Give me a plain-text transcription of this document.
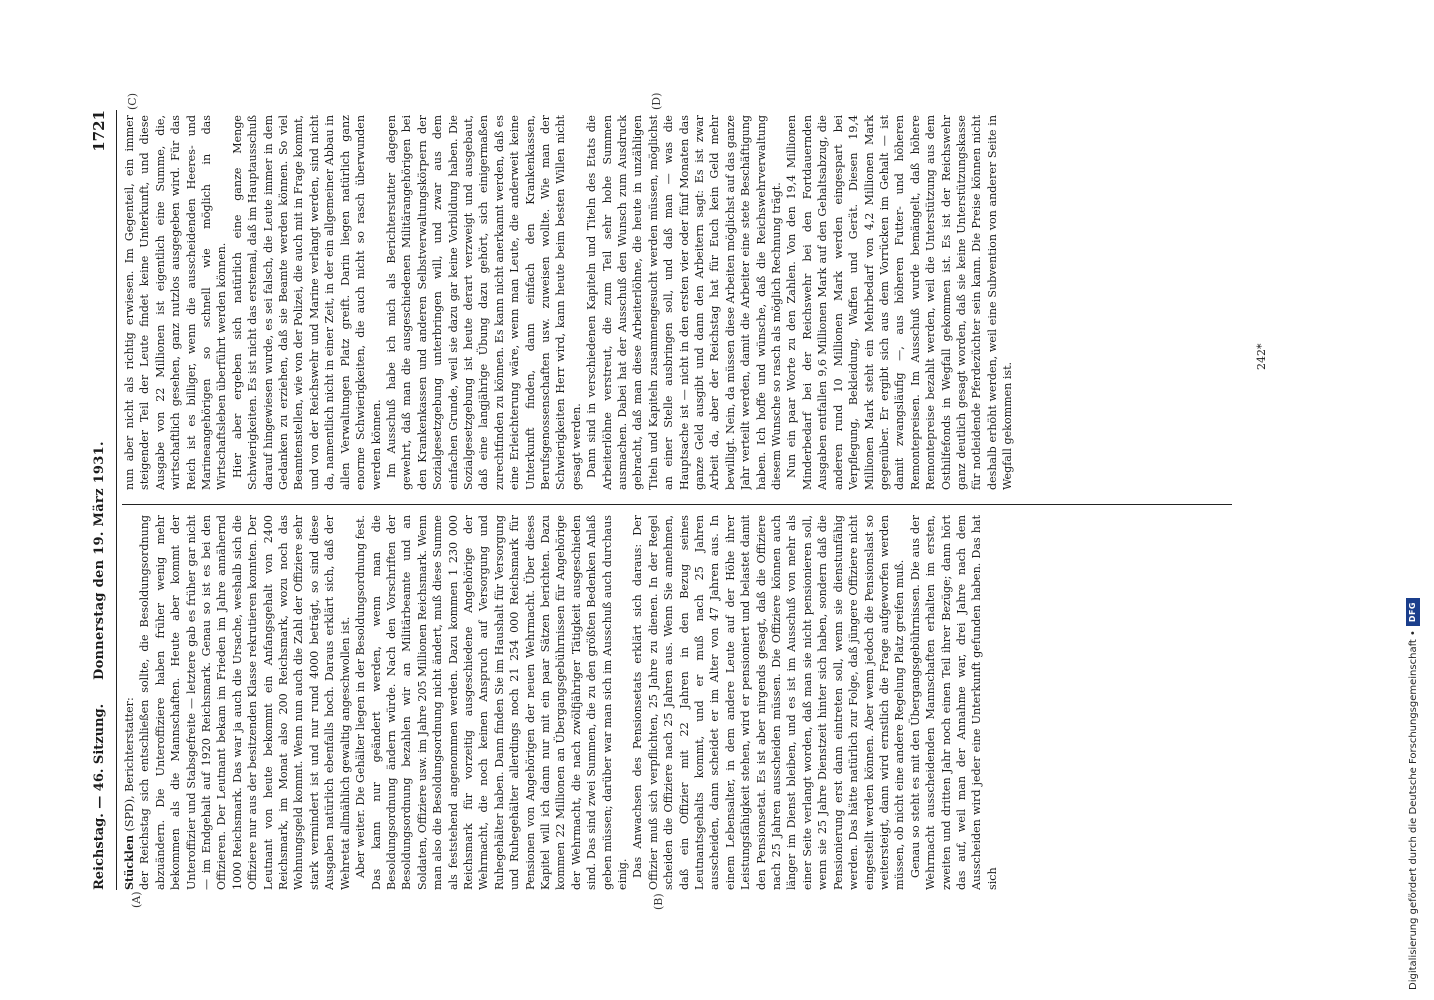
Reichstag. — 46. Sitzung.
Donnerstag den 19. März 1931.
1721
(A)	(B)
(C)	(D)

Stücklen (SPD), Berichterstatter: der Reichstag sich entschließen sollte, die Besoldungsordnung abzuändern. Die Unteroffiziere haben früher wenig mehr bekommen als die Mannschaften. Heute aber kommt der Unteroffizier und Stabsgefreite — letztere gab es früher gar nicht — im Endgehalt auf 1920 Reichsmark. Genau so ist es bei den Offizieren. Der Leutnant bekam im Frieden im Jahre annähernd 1000 Reichsmark. Das war ja auch die Ursache, weshalb sich die Offiziere nur aus der besitzenden Klasse rekrutieren konnten. Der Leutnant von heute bekommt ein Anfangsgehalt von 2400 Reichsmark, im Monat also 200 Reichsmark, wozu noch das Wohnungsgeld kommt. Wenn nun auch die Zahl der Offiziere sehr stark vermindert ist und nur rund 4000 beträgt, so sind diese Ausgaben natürlich ebenfalls hoch. Daraus erklärt sich, daß der Wehretat allmählich gewaltig angeschwollen ist. Aber weiter. Die Gehälter liegen in der Besoldungsordnung fest. Das kann nur geändert werden, wenn man die Besoldungsordnung ändern würde. Nach den Vorschriften der Besoldungsordnung bezahlen wir an Militärbeamte und an Soldaten, Offiziere usw. im Jahre 205 Millionen Reichsmark. Wenn man also die Besoldungsordnung nicht ändert, muß diese Summe als feststehend angenommen werden. Dazu kommen 1 230 000 Reichsmark für vorzeitig ausgeschiedene Angehörige der Wehrmacht, die noch keinen Anspruch auf Versorgung und Ruhegehälter haben. Dann finden Sie im Haushalt für Versorgung und Ruhegehälter allerdings noch 21 254 000 Reichsmark für Pensionen von Angehörigen der neuen Wehrmacht. Über dieses Kapitel will ich dann nur mit ein paar Sätzen berichten. Dazu kommen 22 Millionen an Übergangsgebührnissen für Angehörige der Wehrmacht, die nach zwölfjähriger Tätigkeit ausgeschieden sind. Das sind zwei Summen, die zu den größten Bedenken Anlaß geben müssen; darüber war man sich im Ausschuß auch durchaus einig. Das Anwachsen des Pensionsetats erklärt sich daraus: Der Offizier muß sich verpflichten, 25 Jahre zu dienen. In der Regel scheiden die Offiziere nach 25 Jahren aus. Wenn Sie annehmen, daß ein Offizier mit 22 Jahren in den Bezug seines Leutnantsgehalts kommt, und er muß nach 25 Jahren ausscheiden, dann scheidet er im Alter von 47 Jahren aus. In einem Lebensalter, in dem andere Leute auf der Höhe ihrer Leistungsfähigkeit stehen, wird er pensioniert und belastet damit den Pensionsetat. Es ist aber nirgends gesagt, daß die Offiziere nach 25 Jahren ausscheiden müssen. Die Offiziere können auch länger im Dienst bleiben, und es ist im Ausschuß von mehr als einer Seite verlangt worden, daß man sie nicht pensionieren soll, wenn sie 25 Jahre Dienstzeit hinter sich haben, sondern daß die Pensionierung erst dann eintreten soll, wenn sie dienstunfähig werden. Das hätte natürlich zur Folge, daß jüngere Offiziere nicht eingestellt werden können. Aber wenn jedoch die Pensionslast so weitersteigt, dann wird ernstlich die Frage aufgeworfen werden müssen, ob nicht eine andere Regelung Platz greifen muß. Genau so steht es mit den Übergangsgebührnissen. Die aus der Wehrmacht ausscheidenden Mannschaften erhalten im ersten, zweiten und dritten Jahr noch einen Teil ihrer Bezüge; dann hört das auf, weil man der Annahme war, drei Jahre nach dem Ausscheiden wird jeder eine Unterkunft gefunden haben. Das hat sich

nun aber nicht als richtig erwiesen. Im Gegenteil, ein immer steigender Teil der Leute findet keine Unterkunft, und diese Ausgabe von 22 Millionen ist eigentlich eine Summe, die, wirtschaftlich gesehen, ganz nutzlos ausgegeben wird. Für das Reich ist es billiger, wenn die ausscheidenden Heeres- und Marineangehörigen so schnell wie möglich in das Wirtschaftsleben überführt werden können. Hier aber ergeben sich natürlich eine ganze Menge Schwierigkeiten. Es ist nicht das erstemal, daß im Hauptausschuß darauf hingewiesen wurde, es sei falsch, die Leute immer in dem Gedanken zu erziehen, daß sie Beamte werden können. So viel Beamtenstellen, wie von der Polizei, die auch mit in Frage kommt, und von der Reichswehr und Marine verlangt werden, sind nicht da, namentlich nicht in einer Zeit, in der ein allgemeiner Abbau in allen Verwaltungen Platz greift. Darin liegen natürlich ganz enorme Schwierigkeiten, die auch nicht so rasch überwunden werden können. Im Ausschuß habe ich mich als Berichterstatter dagegen gewehrt, daß man die ausgeschiedenen Militärangehörigen bei den Krankenkassen und anderen Selbstverwaltungskörpern der Sozialgesetzgebung unterbringen will, und zwar aus dem einfachen Grunde, weil sie dazu gar keine Vorbildung haben. Die Sozialgesetzgebung ist heute derart verzweigt und ausgebaut, daß eine langjährige Übung dazu gehört, sich einigermaßen zurechtfinden zu können. Es kann nicht anerkannt werden, daß es eine Erleichterung wäre, wenn man Leute, die anderweit keine Unterkunft finden, dann einfach den Krankenkassen, Berufsgenossenschaften usw. zuweisen wollte. Wie man der Schwierigkeiten Herr wird, kann heute beim besten Willen nicht gesagt werden. Dann sind in verschiedenen Kapiteln und Titeln des Etats die Arbeiterlöhne verstreut, die zum Teil sehr hohe Summen ausmachen. Dabei hat der Ausschuß den Wunsch zum Ausdruck gebracht, daß man diese Arbeiterlöhne, die heute in unzähligen Titeln und Kapiteln zusammengesucht werden müssen, möglichst an einer Stelle ausbringen soll, und daß man — was die Hauptsache ist — nicht in den ersten vier oder fünf Monaten das ganze Geld ausgibt und dann den Arbeitern sagt: Es ist zwar Arbeit da, aber der Reichstag hat für Euch kein Geld mehr bewilligt. Nein, da müssen diese Arbeiten möglichst auf das ganze Jahr verteilt werden, damit die Arbeiter eine stete Beschäftigung haben. Ich hoffe und wünsche, daß die Reichswehrverwaltung diesem Wunsche so rasch als möglich Rechnung trägt. Nun ein paar Worte zu den Zahlen. Von den 19,4 Millionen Minderbedarf bei der Reichswehr bei den Fortdauernden Ausgaben entfallen 9,6 Millionen Mark auf den Gehaltsabzug, die anderen rund 10 Millionen Mark werden eingespart bei Verpflegung, Bekleidung, Waffen und Gerät. Diesen 19,4 Millionen Mark steht ein Mehrbedarf von 4,2 Millionen Mark gegenüber. Er ergibt sich aus dem Vorrücken im Gehalt — ist damit zwangsläufig —, aus höheren Futter- und höheren Remontepreisen. Im Ausschuß wurde bemängelt, daß höhere Remontepreise bezahlt werden, weil die Unterstützung aus dem Osthilfefonds in Wegfall gekommen ist. Es ist der Reichswehr ganz deutlich gesagt worden, daß sie keine Unterstützungskasse für notleidende Pferdezüchter sein kann. Die Preise können nicht deshalb erhöht werden, weil eine Subvention von anderer Seite in Wegfall gekommen ist.

242*
Digitalisierung gefördert durch die Deutsche Forschungsgemeinschaft •
DFG
